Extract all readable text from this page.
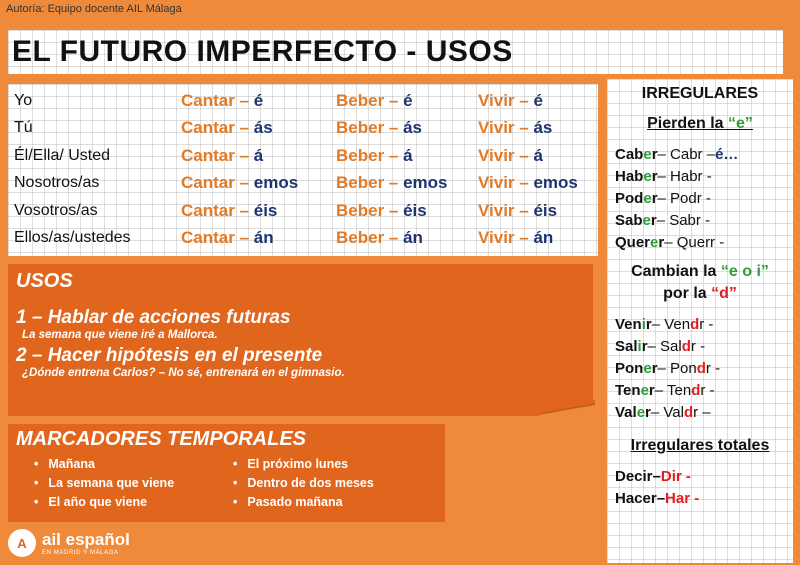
Autoría: Equipo docente AIL Málaga
EL FUTURO IMPERFECTO - USOS
Yo	Cantar – é	Beber – é	Vivir – é
Tú	Cantar – ás	Beber – ás	Vivir – ás
Él/Ella/ Usted	Cantar – á	Beber – á	Vivir – á
Nosotros/as	Cantar – emos	Beber – emos	Vivir – emos
Vosotros/as	Cantar – éis	Beber – éis	Vivir – éis
Ellos/as/ustedes	Cantar – án	Beber – án	Vivir – án
IRREGULARES
Pierden la “e”
Cab e r – Cabr – é…
Hab e r – Habr -
Pod e r – Podr -
Sab e r – Sabr -
Quer e r – Querr -
Cambian la “e o i”
por la “d”
Ven i r – Ven d r -
Sal i r – Sal d r -
Pon e r – Pon d r -
Ten e r – Ten d r -
Val e r – Val d r –
Irregulares totales
Decir – Dir -
Hacer – Har -
USOS
1 – Hablar de acciones futuras
La semana que viene iré a Mallorca.
2 – Hacer hipótesis en el presente
¿Dónde entrena Carlos? – No sé, entrenará en el gimnasio.
MARCADORES TEMPORALES
• Mañana
• La semana que viene
• El año que viene
• El próximo lunes
• Dentro de dos meses
• Pasado mañana
A ail español
EN MADRID Y MÁLAGA
